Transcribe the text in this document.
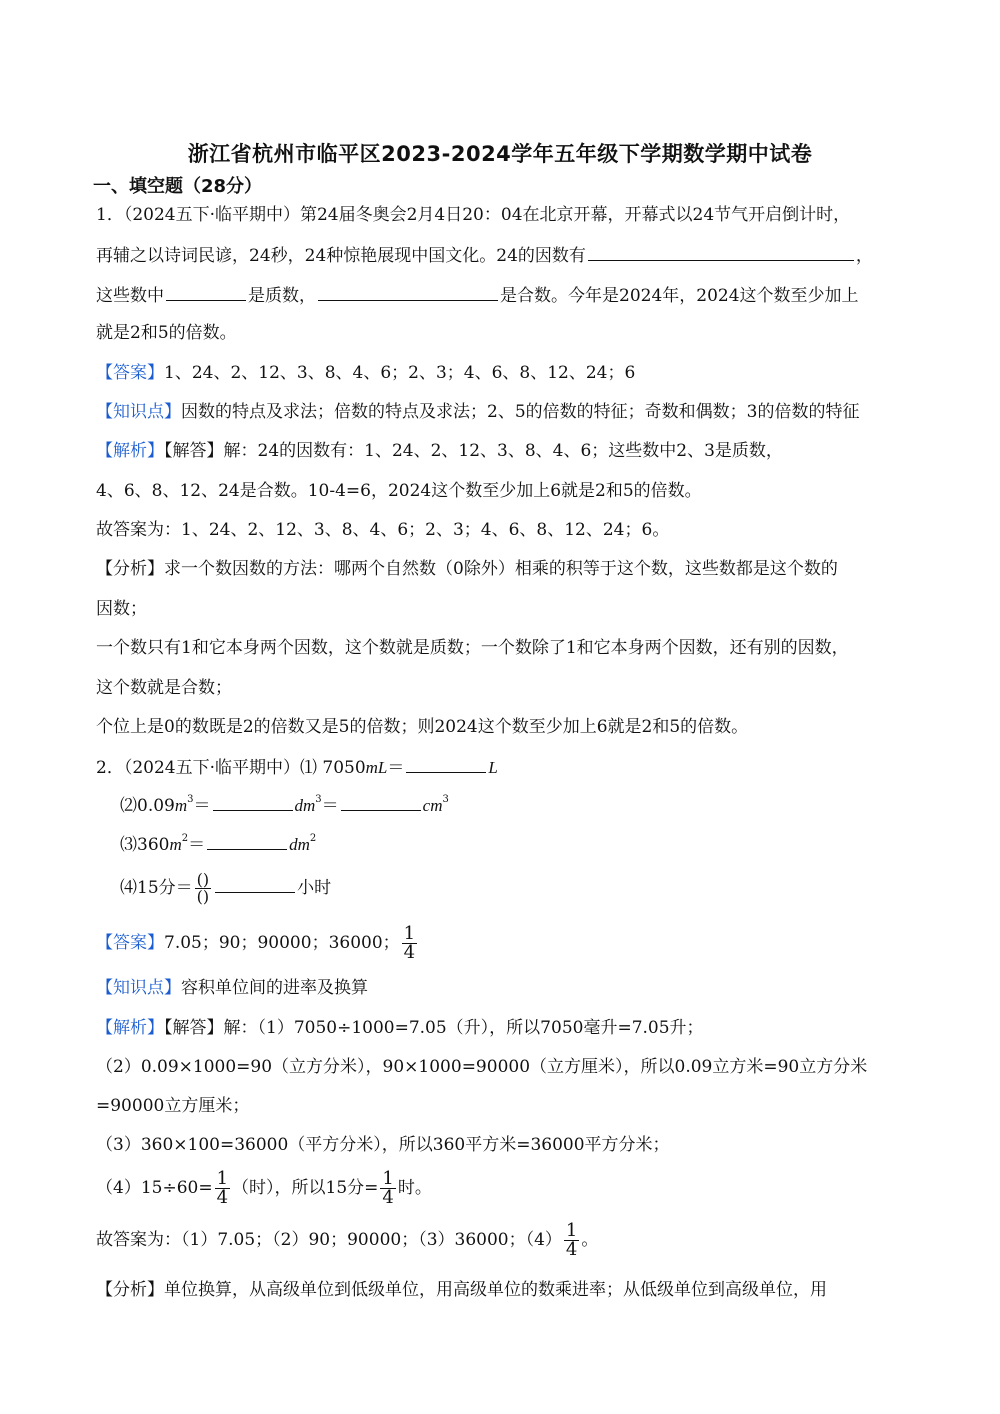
浙江省杭州市临平区2023-2024学年五年级下学期数学期中试卷
一、填空题（28分）
1．（2024五下·临平期中）第24届冬奥会2月4日20：04在北京开幕，开幕式以24节气开启倒计时，
再辅之以诗词民谚，24秒，24种惊艳展现中国文化。24的因数有	，
这些数中	是质数，	是合数。今年是2024年，2024这个数至少加上
就是2和5的倍数。
【答案】1、24、2、12、3、8、4、6；2、3；4、6、8、12、24；6
【知识点】因数的特点及求法；倍数的特点及求法；2、5的倍数的特征；奇数和偶数；3的倍数的特征
【解析】【解答】解：24的因数有：1、24、2、12、3、8、4、6；这些数中2、3是质数，
4、6、8、12、24是合数。10-4=6，2024这个数至少加上6就是2和5的倍数。
故答案为：1、24、2、12、3、8、4、6；2、3；4、6、8、12、24；6。
【分析】求一个数因数的方法：哪两个自然数（0除外）相乘的积等于这个数，这些数都是这个数的
因数；
一个数只有1和它本身两个因数，这个数就是质数；一个数除了1和它本身两个因数，还有别的因数，
这个数就是合数；
个位上是0的数既是2的倍数又是5的倍数；则2024这个数至少加上6就是2和5的倍数。
2．（2024五下·临平期中）⑴ 7050mL＝	L
$⑵0.09m^3=$	$dm^3=$	$cm^3$
$⑶360m^2=$	$dm^2$
⑷15分＝ $\frac{()}{()}$	小时
【答案】7.05；90；90000；36000； $\frac{1}{4}$
【知识点】容积单位间的进率及换算
【解析】【解答】解：（1）7050÷1000=7.05（升），所以7050毫升=7.05升；
（2）0.09×1000=90（立方分米），90×1000=90000（立方厘米），所以0.09立方米=90立方分米
=90000立方厘米；
（3）360×100=36000（平方分米），所以360平方米=36000平方分米；
$(4)15\div 60= \frac{1}{4}$ （时），所以15分= $\frac{1}{4}$ 时。
故答案为：（1）7.05；（2）90；90000；（3）36000；$(4) \frac{1}{4}$ 。
【分析】单位换算，从高级单位到低级单位，用高级单位的数乘进率；从低级单位到高级单位，用
